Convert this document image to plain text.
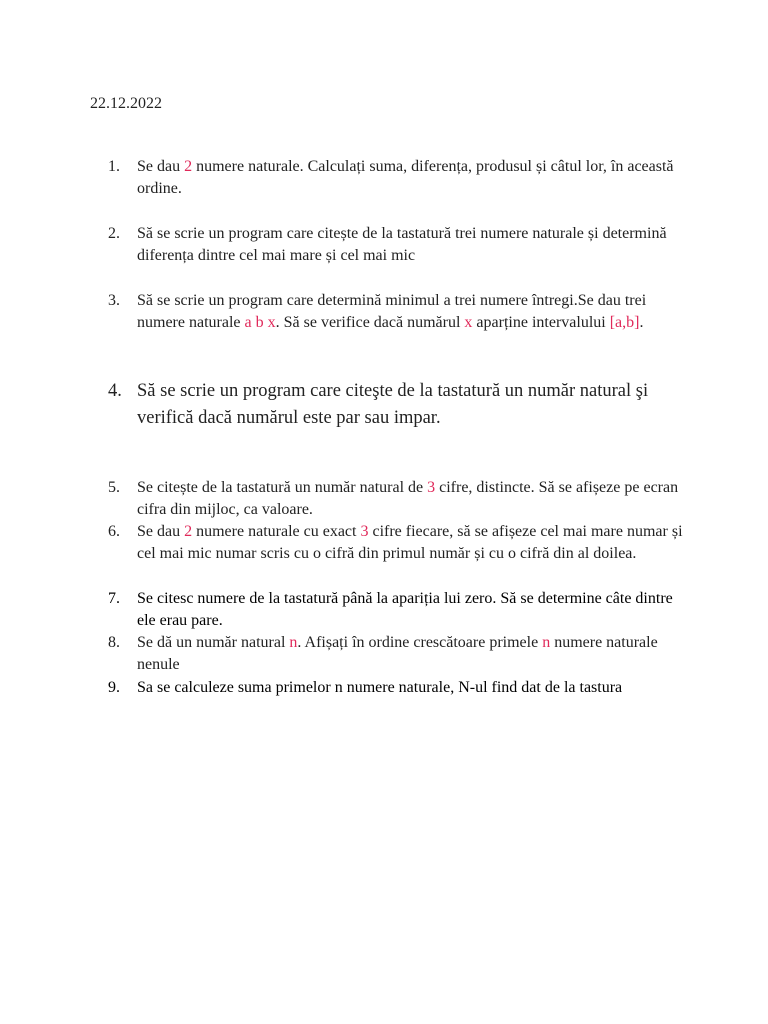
22.12.2022
1.	Se dau 2 numere naturale. Calculați suma, diferența, produsul și câtul lor, în această ordine.
2.	Să se scrie un program care citește de la tastatură trei numere naturale și determină diferența dintre cel mai mare și cel mai mic
3.	Să se scrie un program care determină minimul a trei numere întregi.Se dau trei numere naturale a b x. Să se verifice dacă numărul x aparține intervalului [a,b].
4. Să se scrie un program care citeşte de la tastatură un număr natural şi verifică dacă numărul este par sau impar.
5.	Se citește de la tastatură un număr natural de 3 cifre, distincte. Să se afișeze pe ecran cifra din mijloc, ca valoare.
6.	Se dau 2 numere naturale cu exact 3 cifre fiecare, să se afișeze cel mai mare numar și cel mai mic numar scris cu o cifră din primul număr și cu o cifră din al doilea.
7.	Se citesc numere de la tastatură până la apariția lui zero. Să se determine câte dintre ele erau pare.
8.	Se dă un număr natural n. Afișați în ordine crescătoare primele n numere naturale nenule
9.	Sa se calculeze suma primelor n numere naturale, N-ul find dat de la tastura
